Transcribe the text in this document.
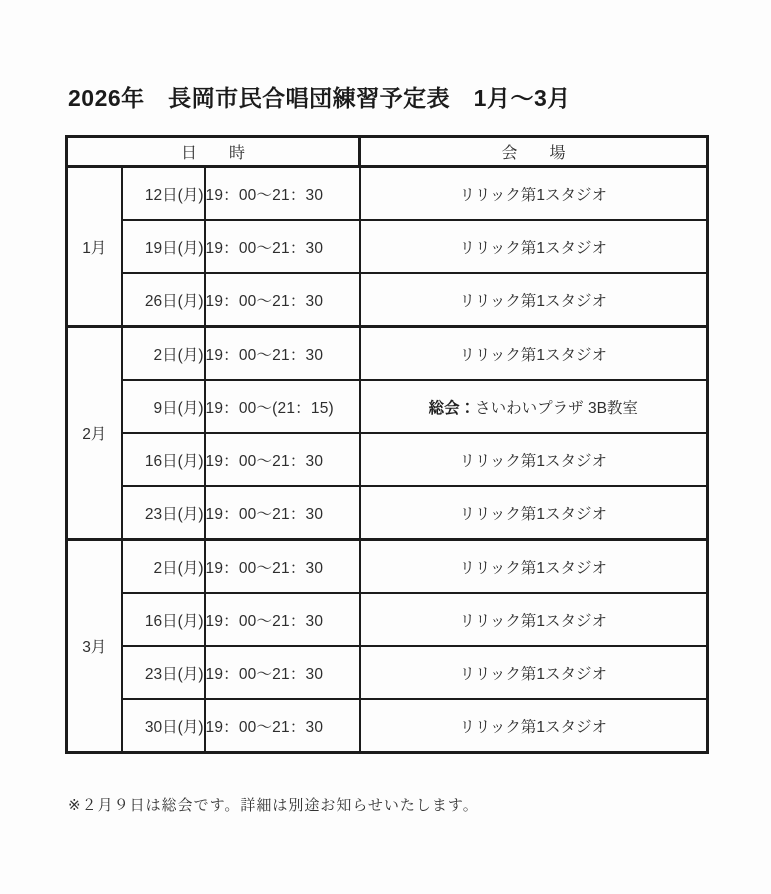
2026年　長岡市民合唱団練習予定表　1月～3月
日　　時			会　　場
1月	12日(月)	19：00～21：30	リリック第1スタジオ
	19日(月)	19：00～21：30	リリック第1スタジオ
	26日(月)	19：00～21：30	リリック第1スタジオ
2月	2日(月)	19：00～21：30	リリック第1スタジオ
	9日(月)	19：00～(21：15)	総会：さいわいプラザ 3B教室
	16日(月)	19：00～21：30	リリック第1スタジオ
	23日(月)	19：00～21：30	リリック第1スタジオ
3月	2日(月)	19：00～21：30	リリック第1スタジオ
	16日(月)	19：00～21：30	リリック第1スタジオ
	23日(月)	19：00～21：30	リリック第1スタジオ
	30日(月)	19：00～21：30	リリック第1スタジオ
※２月９日は総会です。詳細は別途お知らせいたします。
